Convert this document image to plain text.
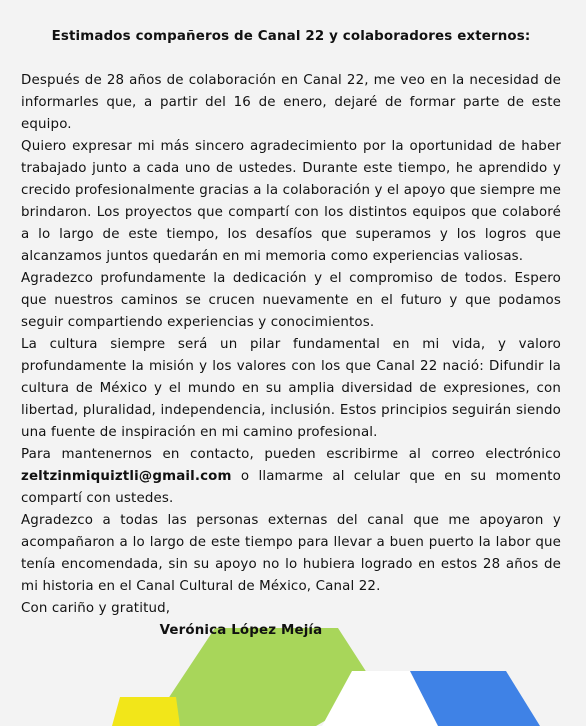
Estimados compañeros de Canal 22 y colaboradores externos:

Después de 28 años de colaboración en Canal 22, me veo en la necesidad de informarles que, a partir del 16 de enero, dejaré de formar parte de este equipo.

Quiero expresar mi más sincero agradecimiento por la oportunidad de haber trabajado junto a cada uno de ustedes. Durante este tiempo, he aprendido y crecido profesionalmente gracias a la colaboración y el apoyo que siempre me brindaron. Los proyectos que compartí con los distintos equipos que colaboré a lo largo de este tiempo, los desafíos que superamos y los logros que alcanzamos juntos quedarán en mi memoria como experiencias valiosas.

Agradezco profundamente la dedicación y el compromiso de todos. Espero que nuestros caminos se crucen nuevamente en el futuro y que podamos seguir compartiendo experiencias y conocimientos.

La cultura siempre será un pilar fundamental en mi vida, y valoro profundamente la misión y los valores con los que Canal 22 nació: Difundir la cultura de México y el mundo en su amplia diversidad de expresiones, con libertad, pluralidad, independencia, inclusión. Estos principios seguirán siendo una fuente de inspiración en mi camino profesional.

Para mantenernos en contacto, pueden escribirme al correo electrónico zeltzinmiquiztli@gmail.com o llamarme al celular que en su momento compartí con ustedes.

Agradezco a todas las personas externas del canal que me apoyaron y acompañaron a lo largo de este tiempo para llevar a buen puerto la labor que tenía encomendada, sin su apoyo no lo hubiera logrado en estos 28 años de mi historia en el Canal Cultural de México, Canal 22.

Con cariño y gratitud,

Verónica López Mejía
